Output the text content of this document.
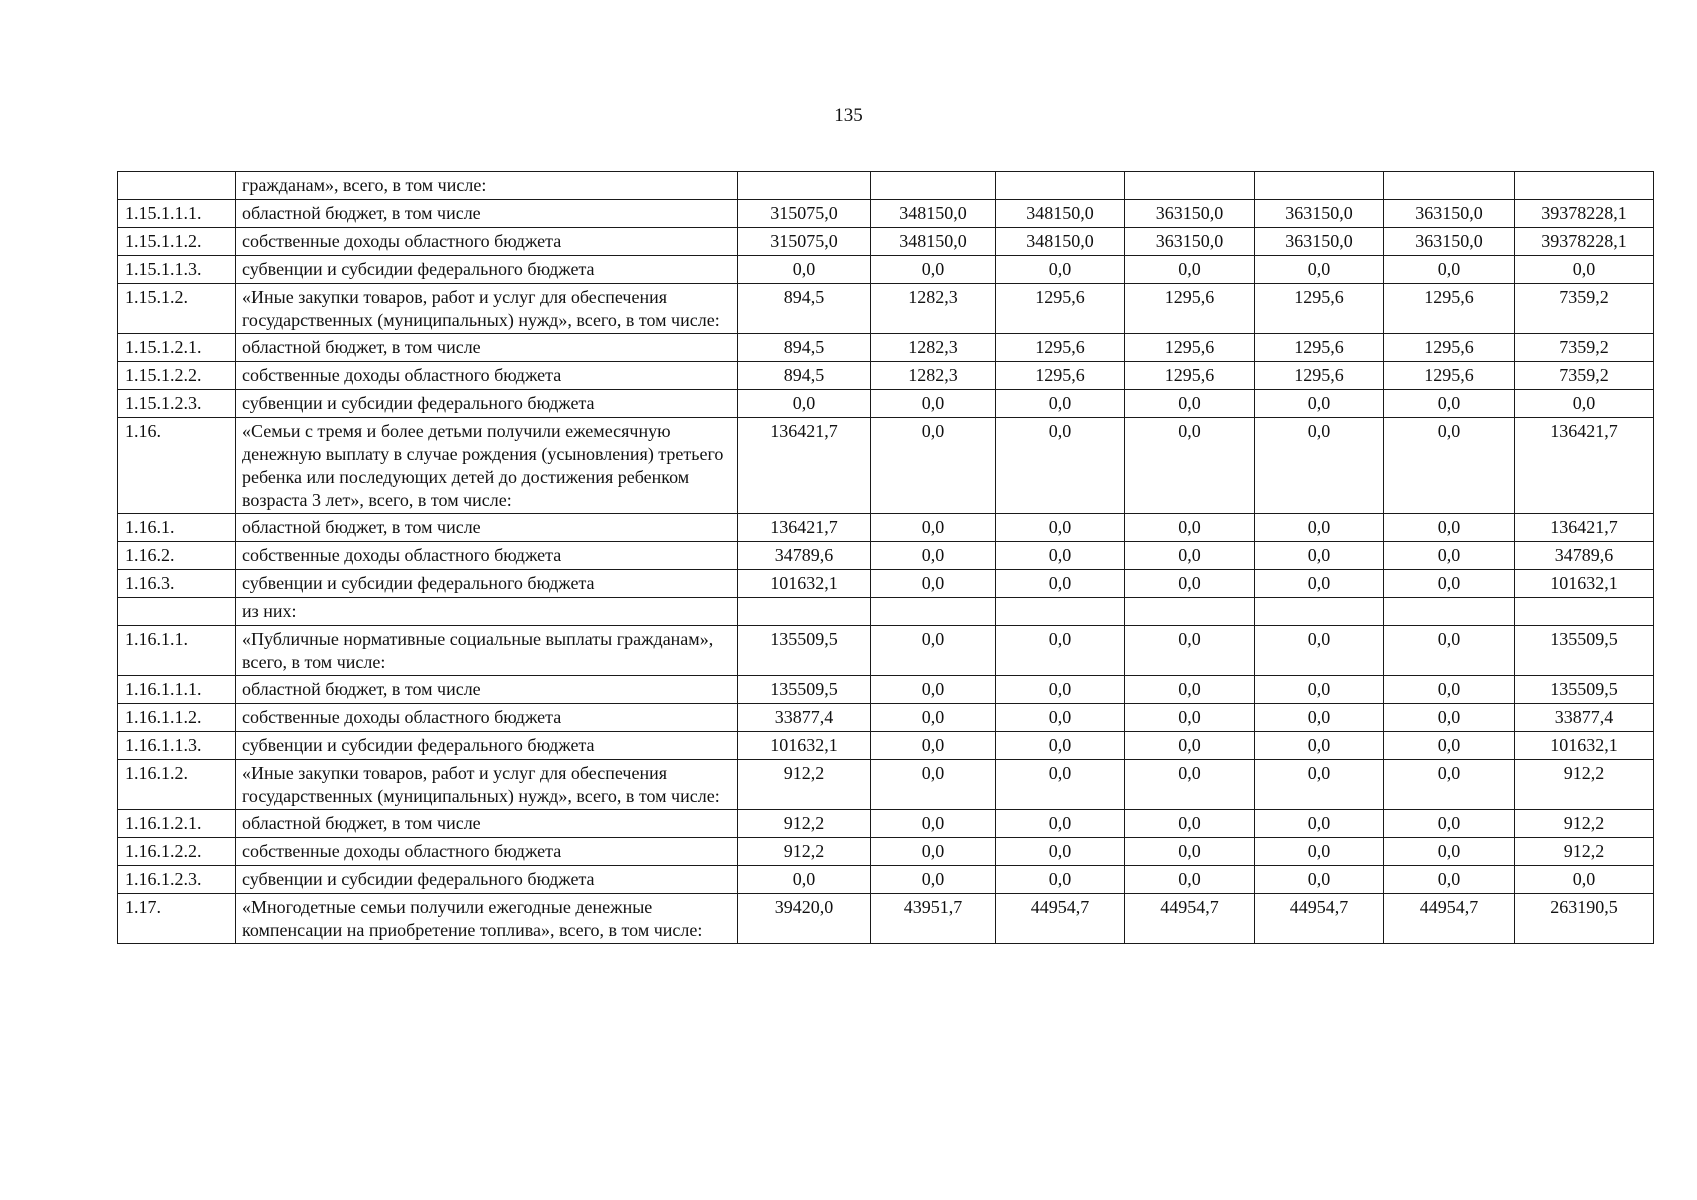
135
	гражданам», всего, в том числе:							
1.15.1.1.1.	областной бюджет, в том числе	315075,0	348150,0	348150,0	363150,0	363150,0	363150,0	39378228,1
1.15.1.1.2.	собственные доходы областного бюджета	315075,0	348150,0	348150,0	363150,0	363150,0	363150,0	39378228,1
1.15.1.1.3.	субвенции и субсидии федерального бюджета	0,0	0,0	0,0	0,0	0,0	0,0	0,0
1.15.1.2.	«Иные закупки товаров, работ и услуг для обеспечения государственных (муниципальных) нужд», всего, в том числе:	894,5	1282,3	1295,6	1295,6	1295,6	1295,6	7359,2
1.15.1.2.1.	областной бюджет, в том числе	894,5	1282,3	1295,6	1295,6	1295,6	1295,6	7359,2
1.15.1.2.2.	собственные доходы областного бюджета	894,5	1282,3	1295,6	1295,6	1295,6	1295,6	7359,2
1.15.1.2.3.	субвенции и субсидии федерального бюджета	0,0	0,0	0,0	0,0	0,0	0,0	0,0
1.16.	«Семьи с тремя и более детьми получили ежемесячную денежную выплату в случае рождения (усыновления) третьего ребенка или последующих детей до достижения ребенком возраста 3 лет», всего, в том числе:	136421,7	0,0	0,0	0,0	0,0	0,0	136421,7
1.16.1.	областной бюджет, в том числе	136421,7	0,0	0,0	0,0	0,0	0,0	136421,7
1.16.2.	собственные доходы областного бюджета	34789,6	0,0	0,0	0,0	0,0	0,0	34789,6
1.16.3.	субвенции и субсидии федерального бюджета	101632,1	0,0	0,0	0,0	0,0	0,0	101632,1
	из них:							
1.16.1.1.	«Публичные нормативные социальные выплаты гражданам», всего, в том числе:	135509,5	0,0	0,0	0,0	0,0	0,0	135509,5
1.16.1.1.1.	областной бюджет, в том числе	135509,5	0,0	0,0	0,0	0,0	0,0	135509,5
1.16.1.1.2.	собственные доходы областного бюджета	33877,4	0,0	0,0	0,0	0,0	0,0	33877,4
1.16.1.1.3.	субвенции и субсидии федерального бюджета	101632,1	0,0	0,0	0,0	0,0	0,0	101632,1
1.16.1.2.	«Иные закупки товаров, работ и услуг для обеспечения государственных (муниципальных) нужд», всего, в том числе:	912,2	0,0	0,0	0,0	0,0	0,0	912,2
1.16.1.2.1.	областной бюджет, в том числе	912,2	0,0	0,0	0,0	0,0	0,0	912,2
1.16.1.2.2.	собственные доходы областного бюджета	912,2	0,0	0,0	0,0	0,0	0,0	912,2
1.16.1.2.3.	субвенции и субсидии федерального бюджета	0,0	0,0	0,0	0,0	0,0	0,0	0,0
1.17.	«Многодетные семьи получили ежегодные денежные компенсации на приобретение топлива», всего, в том числе:	39420,0	43951,7	44954,7	44954,7	44954,7	44954,7	263190,5
